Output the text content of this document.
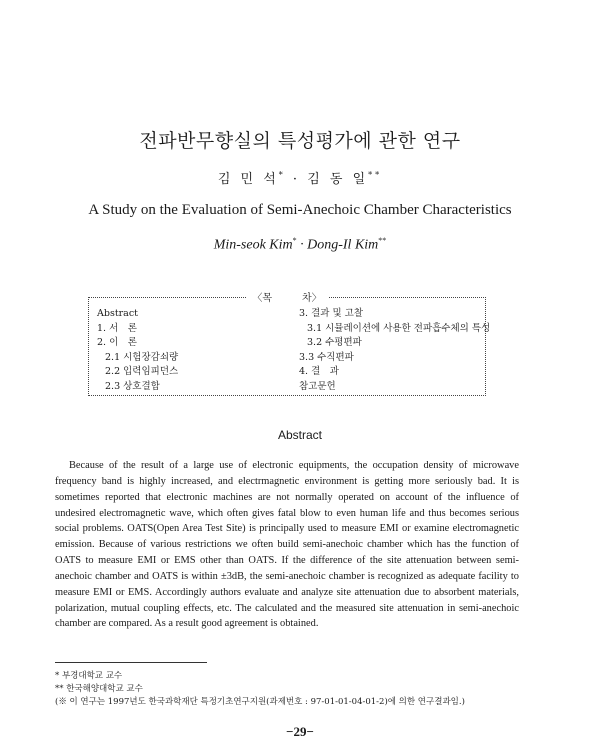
전파반무향실의 특성평가에 관한 연구
김 민 석* · 김 동 일**
A Study on the Evaluation of Semi-Anechoic Chamber Characteristics
Min-seok Kim* · Dong-Il Kim**
〈목　　　차〉
Abstract
1. 서　론
2. 이　론
2.1 시험장감쇠량
2.2 입력임피던스
2.3 상호결합
3. 결과 및 고찰
3.1 시뮬레이션에 사용한 전파흡수체의 특성
3.2 수평편파
3.3 수직편파
4. 결　과
참고문헌
Abstract
Because of the result of a large use of electronic equipments, the occupation density of microwave frequency band is highly increased, and electrmagnetic environment is getting more seriously bad. It is sometimes reported that electronic machines are not normally operated on account of the influence of undesired electromagnetic wave, which often gives fatal blow to even human life and thus becomes serious social problems. OATS(Open Area Test Site) is principally used to measure EMI or examine electromagnetic emission. Because of various restrictions we often build semi-anechoic chamber which has the function of OATS to measure EMI or EMS other than OATS. If the difference of the site attenuation between semi-anechoic chamber and OATS is within ±3dB, the semi-anechoic chamber is recognized as adequate facility to measure EMI or EMS. Accordingly authors evaluate and analyze site attenuation due to absorbent materials, polarization, mutual coupling effects, etc. The calculated and the measured site attenuation in semi-anechoic chamber are compared. As a result good agreement is obtained.
* 부경대학교 교수
** 한국해양대학교 교수
(※ 이 연구는 1997년도 한국과학재단 특정기초연구지원(과제번호 : 97-01-01-04-01-2)에 의한 연구결과임.)
−29−
